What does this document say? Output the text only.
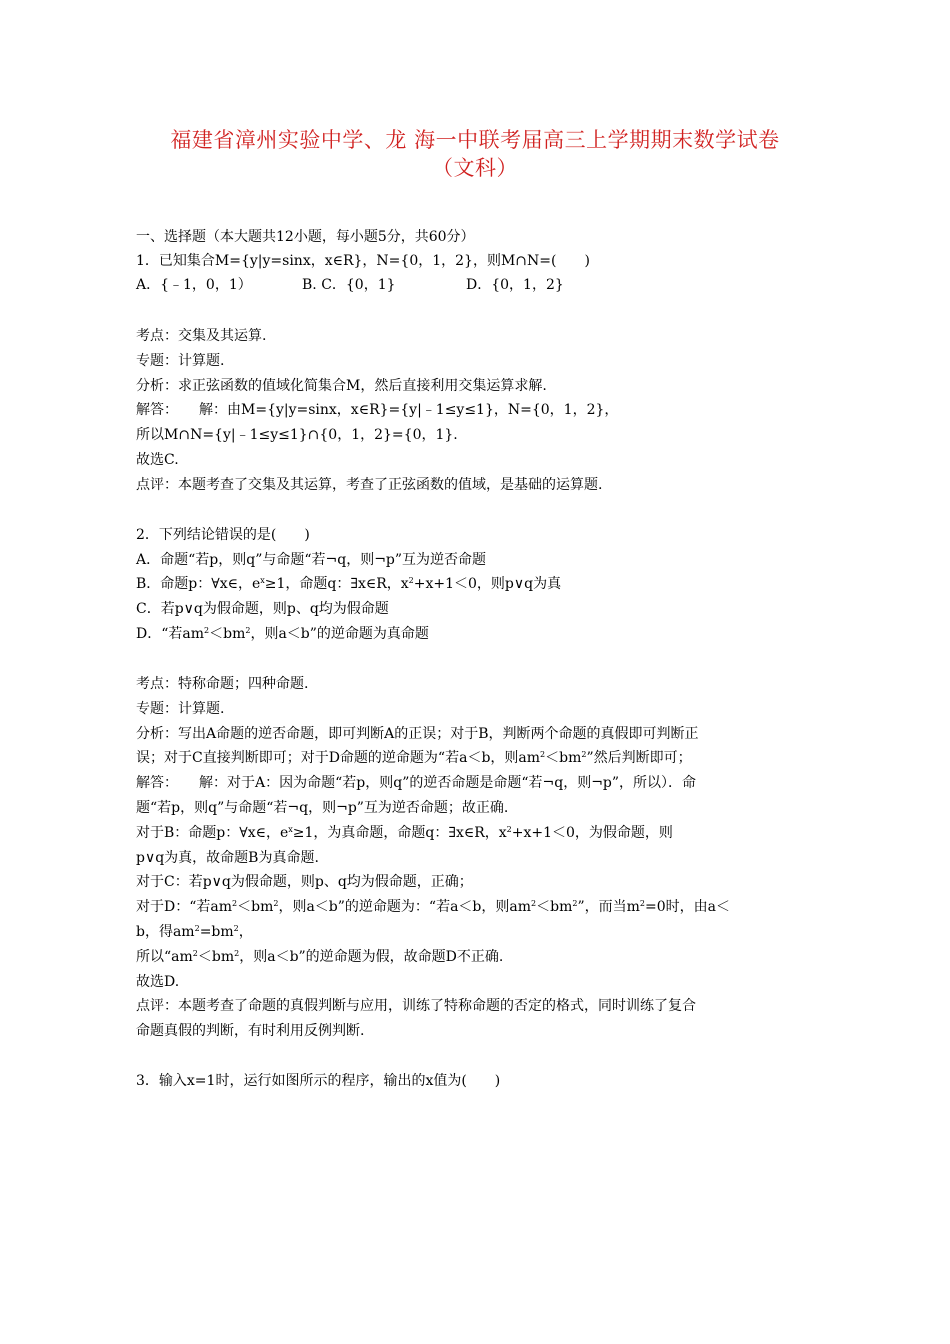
福建省漳州实验中学、龙 海一中联考届高三上学期期末数学试卷
（文科）
一、选择题（本大题共12小题，每小题5分，共60分）
1．已知集合M={y|y=sinx，x∈R}，N={0，1，2}，则M∩N=(　　)

A．{﹣1，0，1）

	B. C．{0，1}

	D．{0，1，2}

考点：交集及其运算.
专题：计算题.
分析：求正弦函数的值域化简集合M，然后直接利用交集运算求解.
解答：　　解：由M={y|y=sinx，x∈R}={y|﹣1≤y≤1}，N={0，1，2}，
所以M∩N={y|﹣1≤y≤1}∩{0，1，2}={0，1}.
故选C.
点评：本题考查了交集及其运算，考查了正弦函数的值域，是基础的运算题.
2．下列结论错误的是(　　)
A．命题“若p，则q”与命题“若¬q，则¬p”互为逆否命题
B．命题p：∀x∈，$e^x\ge 1$，命题q：∃x∈R，$x^2+x+1<0$，则p∨q为真
C．若p∨q为假命题，则p、q均为假命题
D．“若$am^2<bm^2$，则a＜b”的逆命题为真命题
考点：特称命题；四种命题.
专题：计算题.
分析：写出A命题的逆否命题，即可判断A的正误；对于B，判断两个命题的真假即可判断正
误；对于C直接判断即可；对于D命题的逆命题为“若a＜b，则$am^2<bm^2$”然后判断即可；
解答：　　解：对于A：因为命题“若p，则q”的逆否命题是命题“若¬q，则¬p”，所以）．命
题“若p，则q”与命题“若¬q，则¬p”互为逆否命题；故正确.
对于B：命题p：∀x∈，$e^x\ge 1$，为真命题，命题q：∃x∈R，$x^2+x+1<0$，为假命题，则
p∨q为真，故命题B为真命题.
对于C：若p∨q为假命题，则p、q均为假命题，正确；
对于D：“若$am^2<bm^2$，则a＜b”的逆命题为：“若a＜b，则$am^2<bm^2$”，而当$m^2=0$时，由a＜
b，得$am^2=bm^2$，
所以“$am^2<bm^2$，则a＜b”的逆命题为假，故命题D不正确.
故选D.
点评：本题考查了命题的真假判断与应用，训练了特称命题的否定的格式，同时训练了复合
命题真假的判断，有时利用反例判断.
3．输入x=1时，运行如图所示的程序，输出的x值为(　　)
